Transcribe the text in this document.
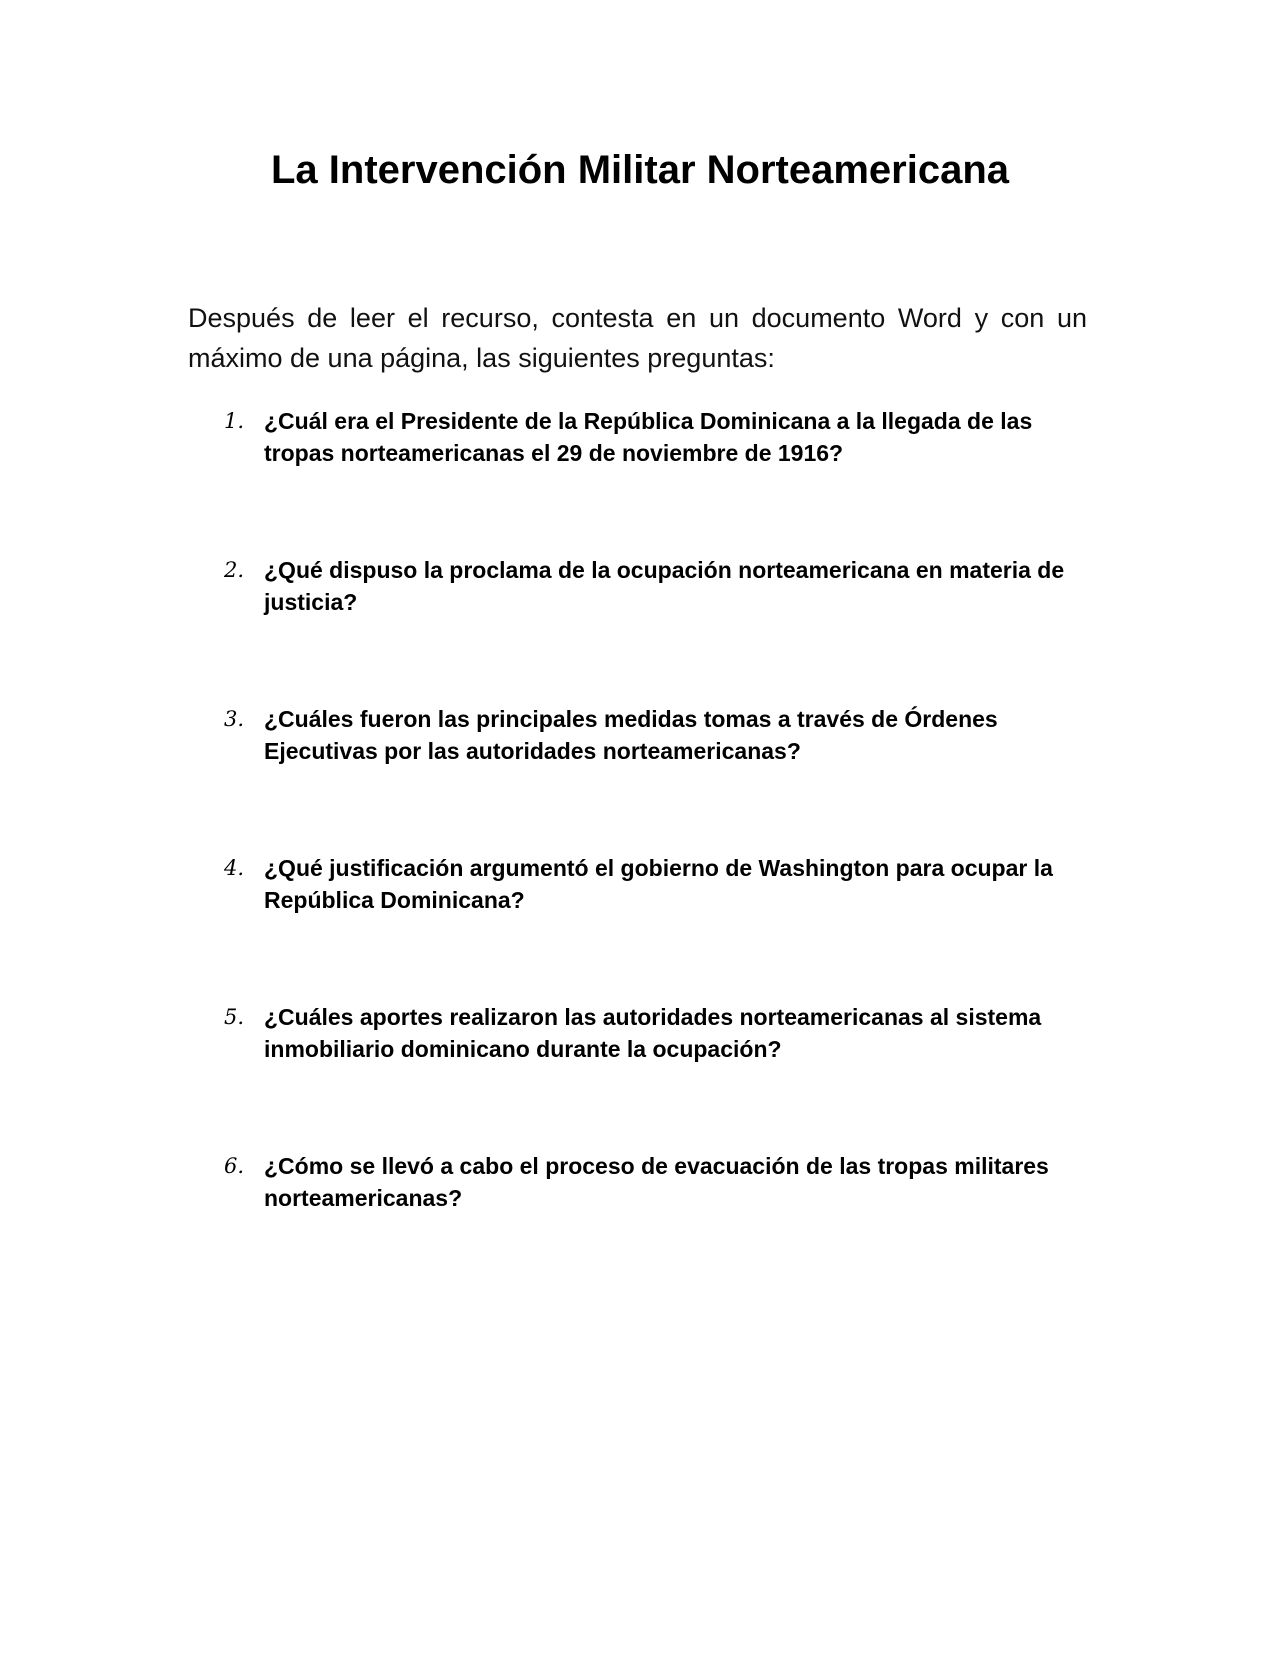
La Intervención Militar Norteamericana

Después de leer el recurso, contesta en un documento Word y con un máximo de una página, las siguientes preguntas:

1. ¿Cuál era el Presidente de la República Dominicana a la llegada de las tropas norteamericanas el 29 de noviembre de 1916?
2. ¿Qué dispuso la proclama de la ocupación norteamericana en materia de justicia?
3. ¿Cuáles fueron las principales medidas tomas a través de Órdenes Ejecutivas por las autoridades norteamericanas?
4. ¿Qué justificación argumentó el gobierno de Washington para ocupar la República Dominicana?
5. ¿Cuáles aportes realizaron las autoridades norteamericanas al sistema inmobiliario dominicano durante la ocupación?
6. ¿Cómo se llevó a cabo el proceso de evacuación de las tropas militares norteamericanas?
